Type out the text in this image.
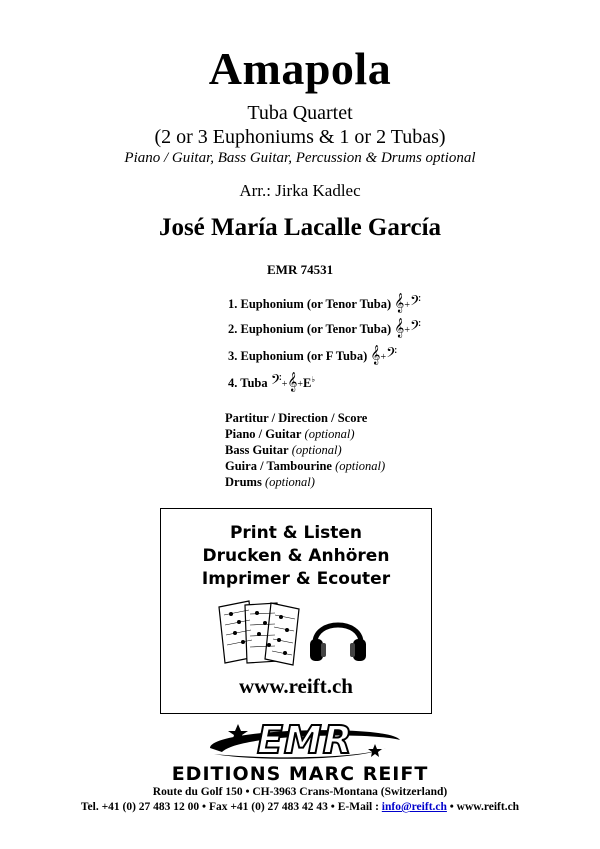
Amapola
Tuba Quartet
(2 or 3 Euphoniums & 1 or 2 Tubas)
Piano / Guitar, Bass Guitar, Percussion & Drums optional
Arr.: Jirka Kadlec
José María Lacalle García
EMR 74531
1. Euphonium (or Tenor Tuba) 𝄞+𝄢
2. Euphonium (or Tenor Tuba) 𝄞+𝄢
3. Euphonium (or F Tuba) 𝄞+𝄢
4. Tuba 𝄢+𝄞+E♭
Partitur / Direction / Score
Piano / Guitar (optional)
Bass Guitar (optional)
Guira / Tambourine (optional)
Drums (optional)
Print & Listen
Drucken & Anhören
Imprimer & Ecouter
www.reift.ch
EMR
EDITIONS MARC REIFT
Route du Golf 150 • CH-3963 Crans-Montana (Switzerland)
Tel. +41 (0) 27 483 12 00 • Fax +41 (0) 27 483 42 43 • E-Mail : info@reift.ch • www.reift.ch
